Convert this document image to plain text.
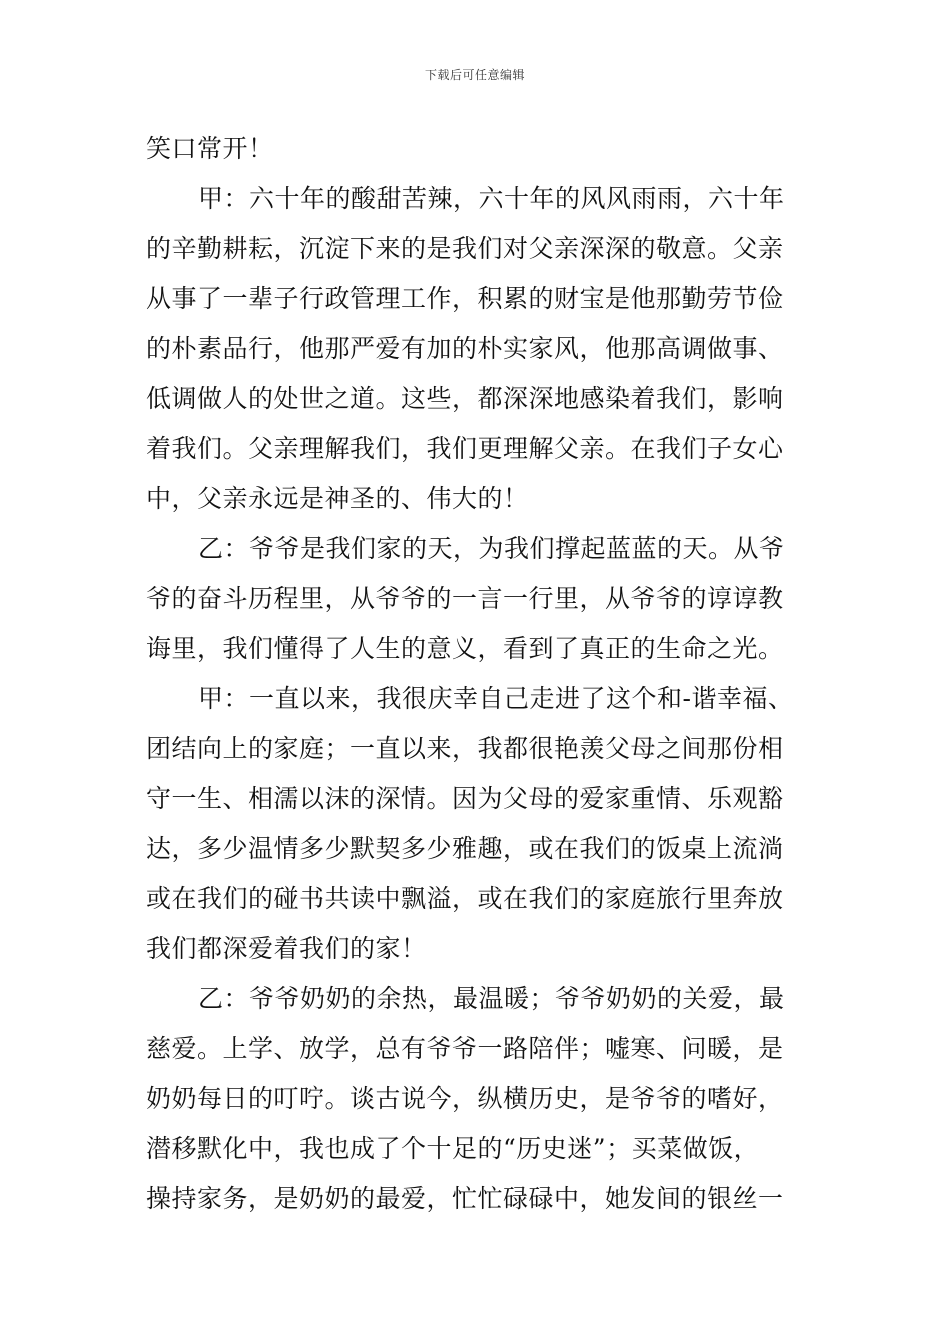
下载后可任意编辑
笑口常开！
甲：六十年的酸甜苦辣，六十年的风风雨雨，六十年
的辛勤耕耘，沉淀下来的是我们对父亲深深的敬意。父亲
从事了一辈子行政管理工作，积累的财宝是他那勤劳节俭
的朴素品行，他那严爱有加的朴实家风，他那高调做事、
低调做人的处世之道。这些，都深深地感染着我们，影响
着我们。父亲理解我们，我们更理解父亲。在我们子女心
中，父亲永远是神圣的、伟大的！
乙：爷爷是我们家的天，为我们撑起蓝蓝的天。从爷
爷的奋斗历程里，从爷爷的一言一行里，从爷爷的谆谆教
诲里，我们懂得了人生的意义，看到了真正的生命之光。
甲：一直以来，我很庆幸自己走进了这个和-谐幸福、
团结向上的家庭；一直以来，我都很艳羡父母之间那份相
守一生、相濡以沫的深情。因为父母的爱家重情、乐观豁
达，多少温情多少默契多少雅趣，或在我们的饭桌上流淌
或在我们的碰书共读中飘溢，或在我们的家庭旅行里奔放
我们都深爱着我们的家！
乙：爷爷奶奶的余热，最温暖；爷爷奶奶的关爱，最
慈爱。上学、放学，总有爷爷一路陪伴；嘘寒、问暖，是
奶奶每日的叮咛。谈古说今，纵横历史，是爷爷的嗜好，
潜移默化中，我也成了个十足的“历史迷”；买菜做饭，
操持家务，是奶奶的最爱，忙忙碌碌中，她发间的银丝一
